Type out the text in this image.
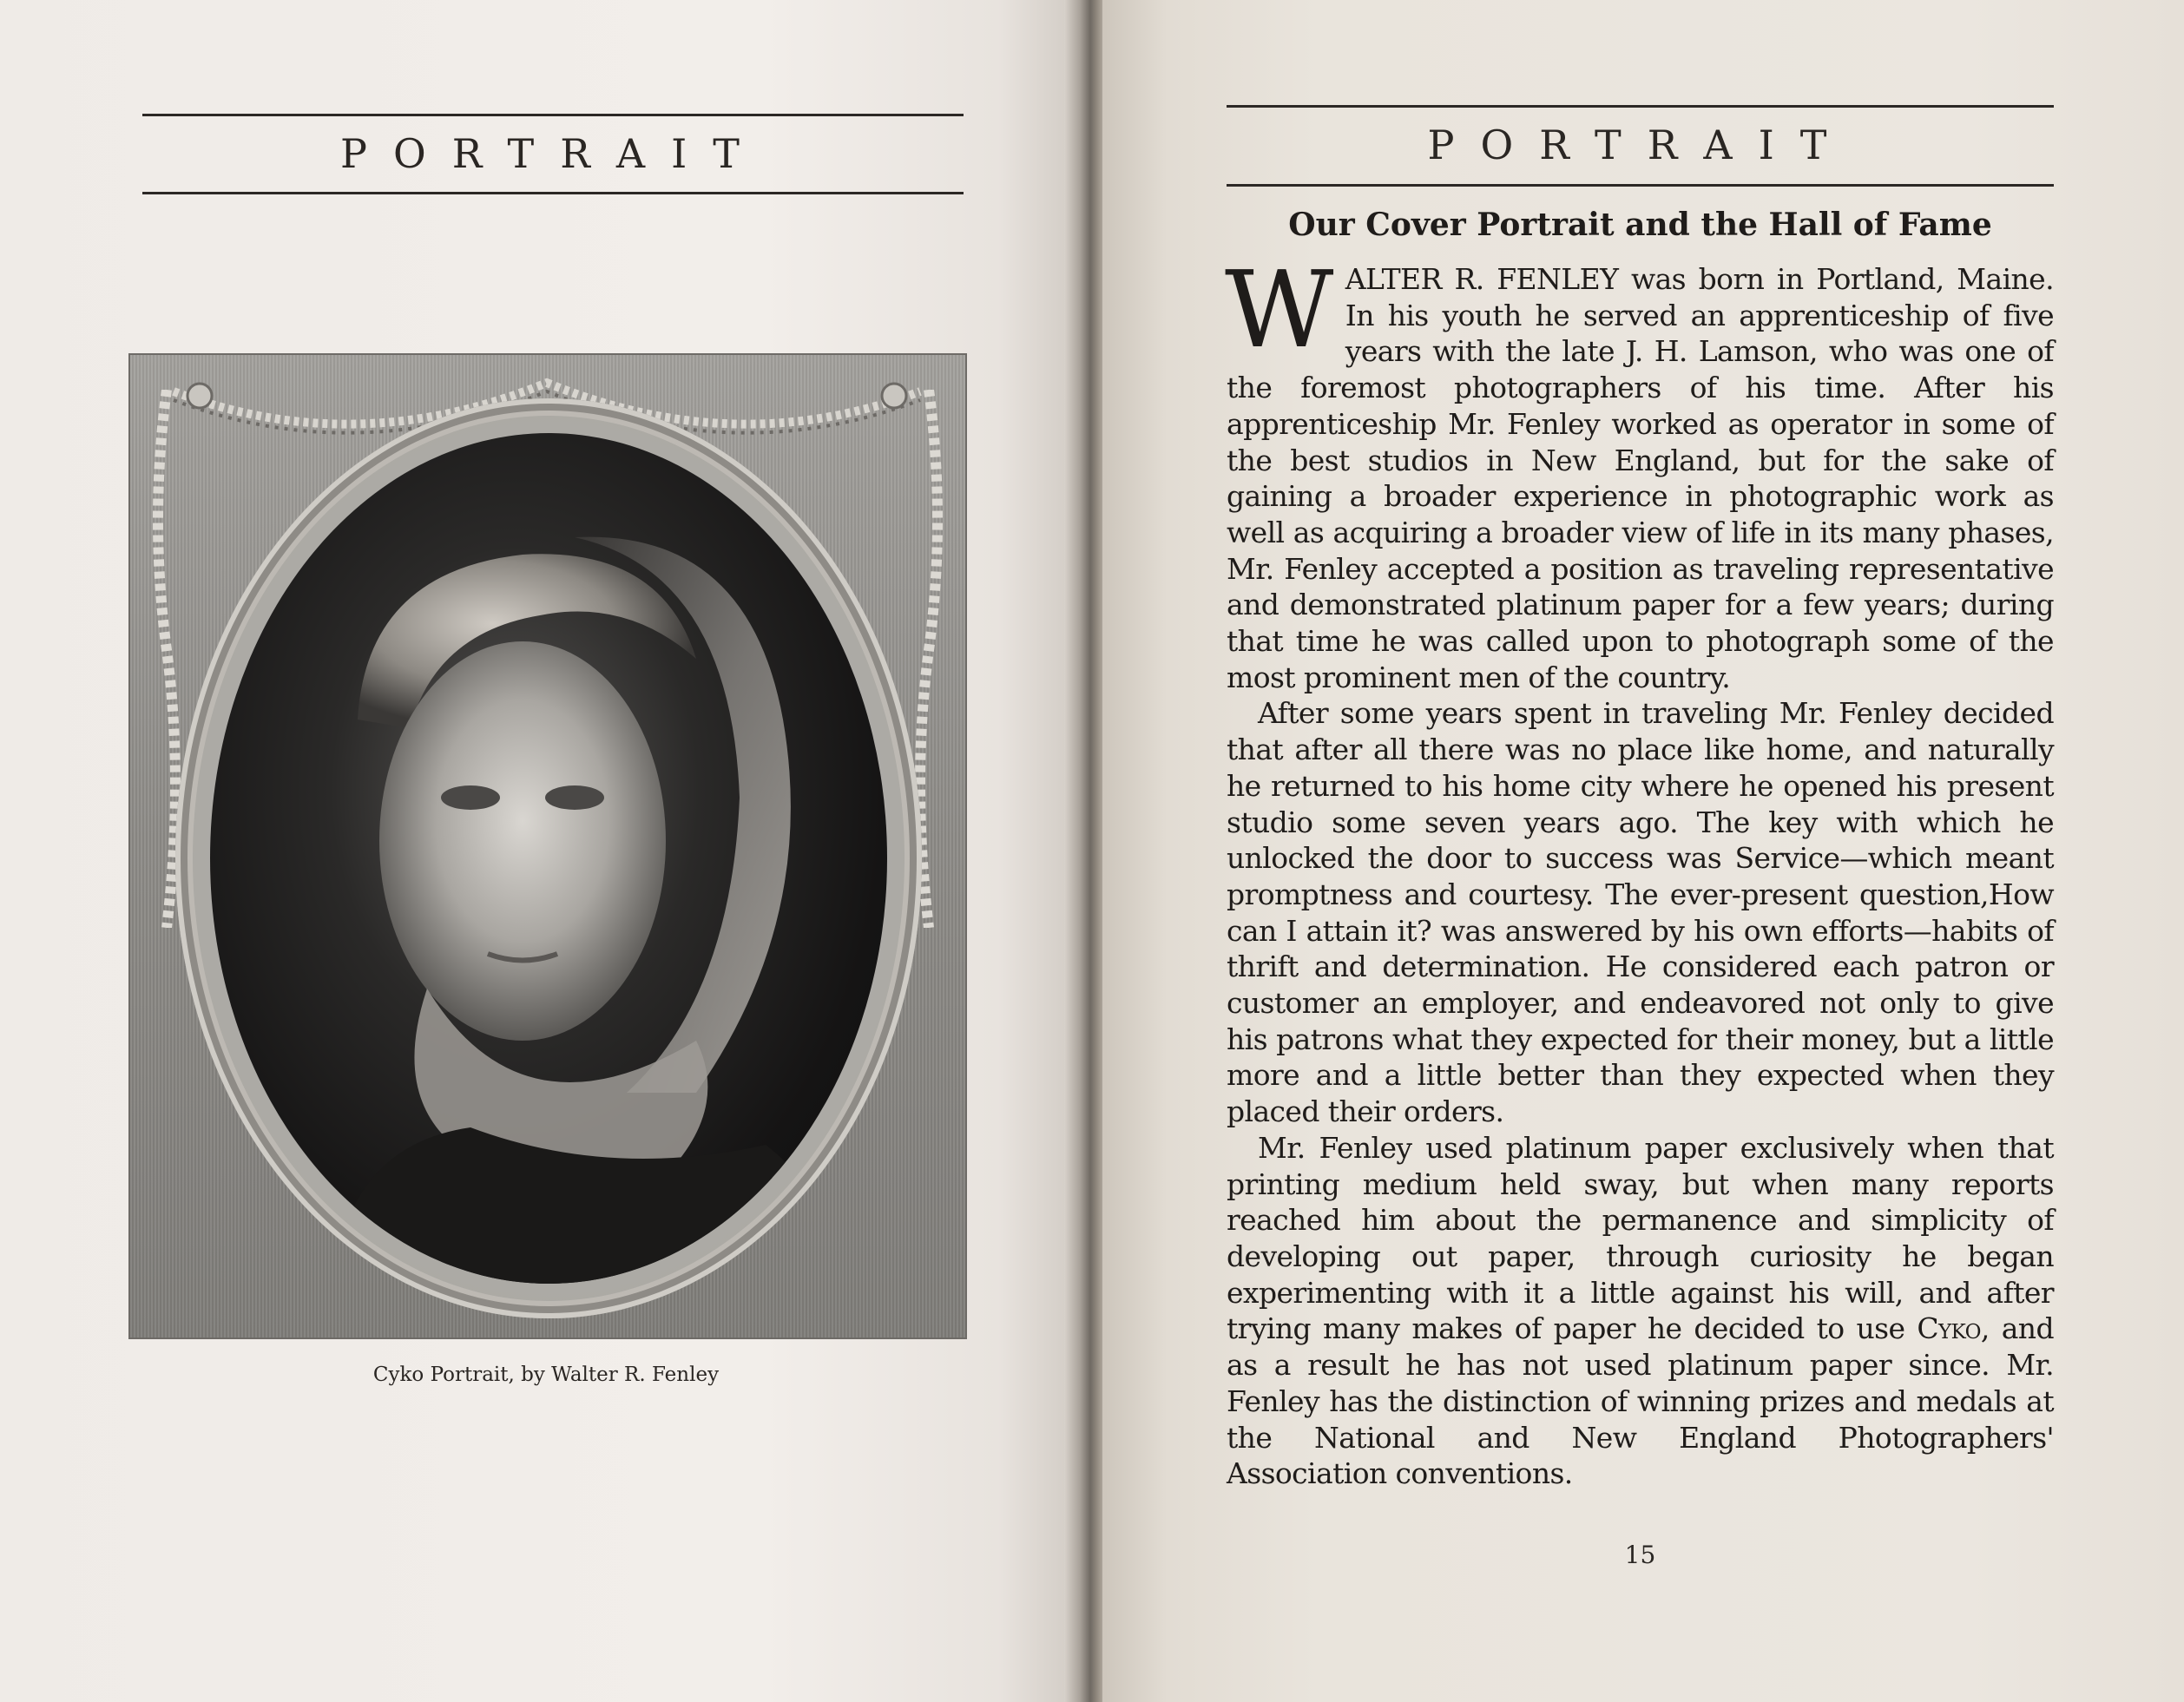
PORTRAIT
Cyko Portrait, by Walter R. Fenley
PORTRAIT
Our Cover Portrait and the Hall of Fame

WALTER R. FENLEY was born in Portland, Maine. In his youth he served an apprenticeship of five years with the late J. H. Lamson, who was one of the foremost photographers of his time. After his apprenticeship Mr. Fenley worked as operator in some of the best studios in New England, but for the sake of gaining a broader experience in photographic work as well as acquiring a broader view of life in its many phases, Mr. Fenley accepted a position as traveling representative and demonstrated platinum paper for a few years; during that time he was called upon to photograph some of the most prominent men of the country.

After some years spent in traveling Mr. Fenley decided that after all there was no place like home, and naturally he returned to his home city where he opened his present studio some seven years ago. The key with which he unlocked the door to success was Service—which meant promptness and courtesy. The ever-present question,How can I attain it? was answered by his own efforts—habits of thrift and determination. He considered each patron or customer an employer, and endeavored not only to give his patrons what they expected for their money, but a little more and a little better than they expected when they placed their orders.

Mr. Fenley used platinum paper exclusively when that printing medium held sway, but when many reports reached him about the permanence and simplicity of developing out paper, through curiosity he began experimenting with it a little against his will, and after trying many makes of paper he decided to use Cyko, and as a result he has not used platinum paper since. Mr. Fenley has the distinction of winning prizes and medals at the National and New England Photographers' Association conventions.

15
